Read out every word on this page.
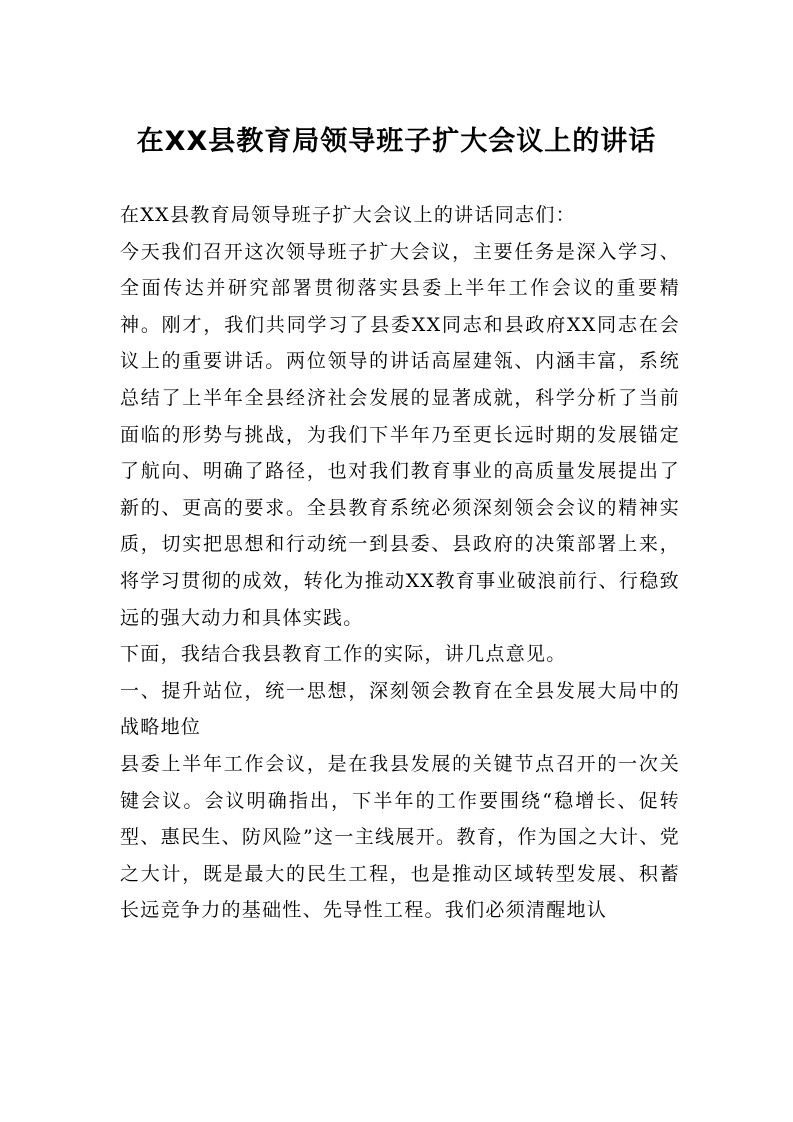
在XX县教育局领导班子扩大会议上的讲话

在XX县教育局领导班子扩大会议上的讲话同志们：

今天我们召开这次领导班子扩大会议，主要任务是深入学习、全面传达并研究部署贯彻落实县委上半年工作会议的重要精神。刚才，我们共同学习了县委XX同志和县政府XX同志在会议上的重要讲话。两位领导的讲话高屋建瓴、内涵丰富，系统总结了上半年全县经济社会发展的显著成就，科学分析了当前面临的形势与挑战，为我们下半年乃至更长远时期的发展锚定了航向、明确了路径，也对我们教育事业的高质量发展提出了新的、更高的要求。全县教育系统必须深刻领会会议的精神实质，切实把思想和行动统一到县委、县政府的决策部署上来，将学习贯彻的成效，转化为推动XX教育事业破浪前行、行稳致远的强大动力和具体实践。

下面，我结合我县教育工作的实际，讲几点意见。

一、提升站位，统一思想，深刻领会教育在全县发展大局中的战略地位

县委上半年工作会议，是在我县发展的关键节点召开的一次关键会议。会议明确指出，下半年的工作要围绕“稳增长、促转型、惠民生、防风险”这一主线展开。教育，作为国之大计、党之大计，既是最大的民生工程，也是推动区域转型发展、积蓄长远竞争力的基础性、先导性工程。我们必须清醒地认
